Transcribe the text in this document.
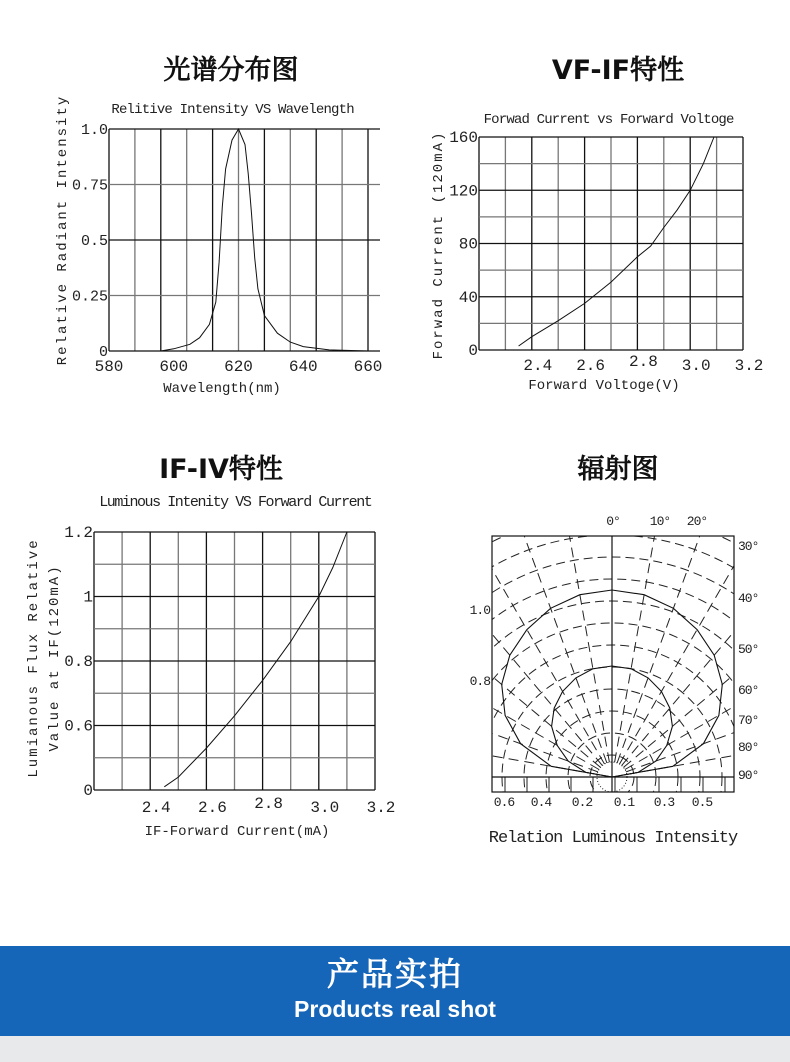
光谱分布图	VF-IF特性
IF-IV特性	辐射图
Relitive Intensity VS Wavelength
580 600 620 640 660
0
0.25
0.5
0.75
1.0
Wavelength(nm)
Relative Radiant Intensity	Forwad Current vs Forward Voltoge
2.4 2.6 2.8 3.0 3.2
0
40
80
120
160
Forward Voltoge(V)
Forwad Current (120mA)
Luminous Intenity VS Forward Current
2.4 2.6 2.8 3.0 3.2
0
0.6
0.8
1
1.2
IF-Forward Current(mA)
Lumianous Flux Relative Value at IF(120mA)
0° 10° 20°
30°
40°
50°
60°
70°
80°
90°
1.0
0.8
0.6 0.4 0.2 0.1 0.3 0.5
Relation Luminous Intensity
产品实拍
Products real shot
